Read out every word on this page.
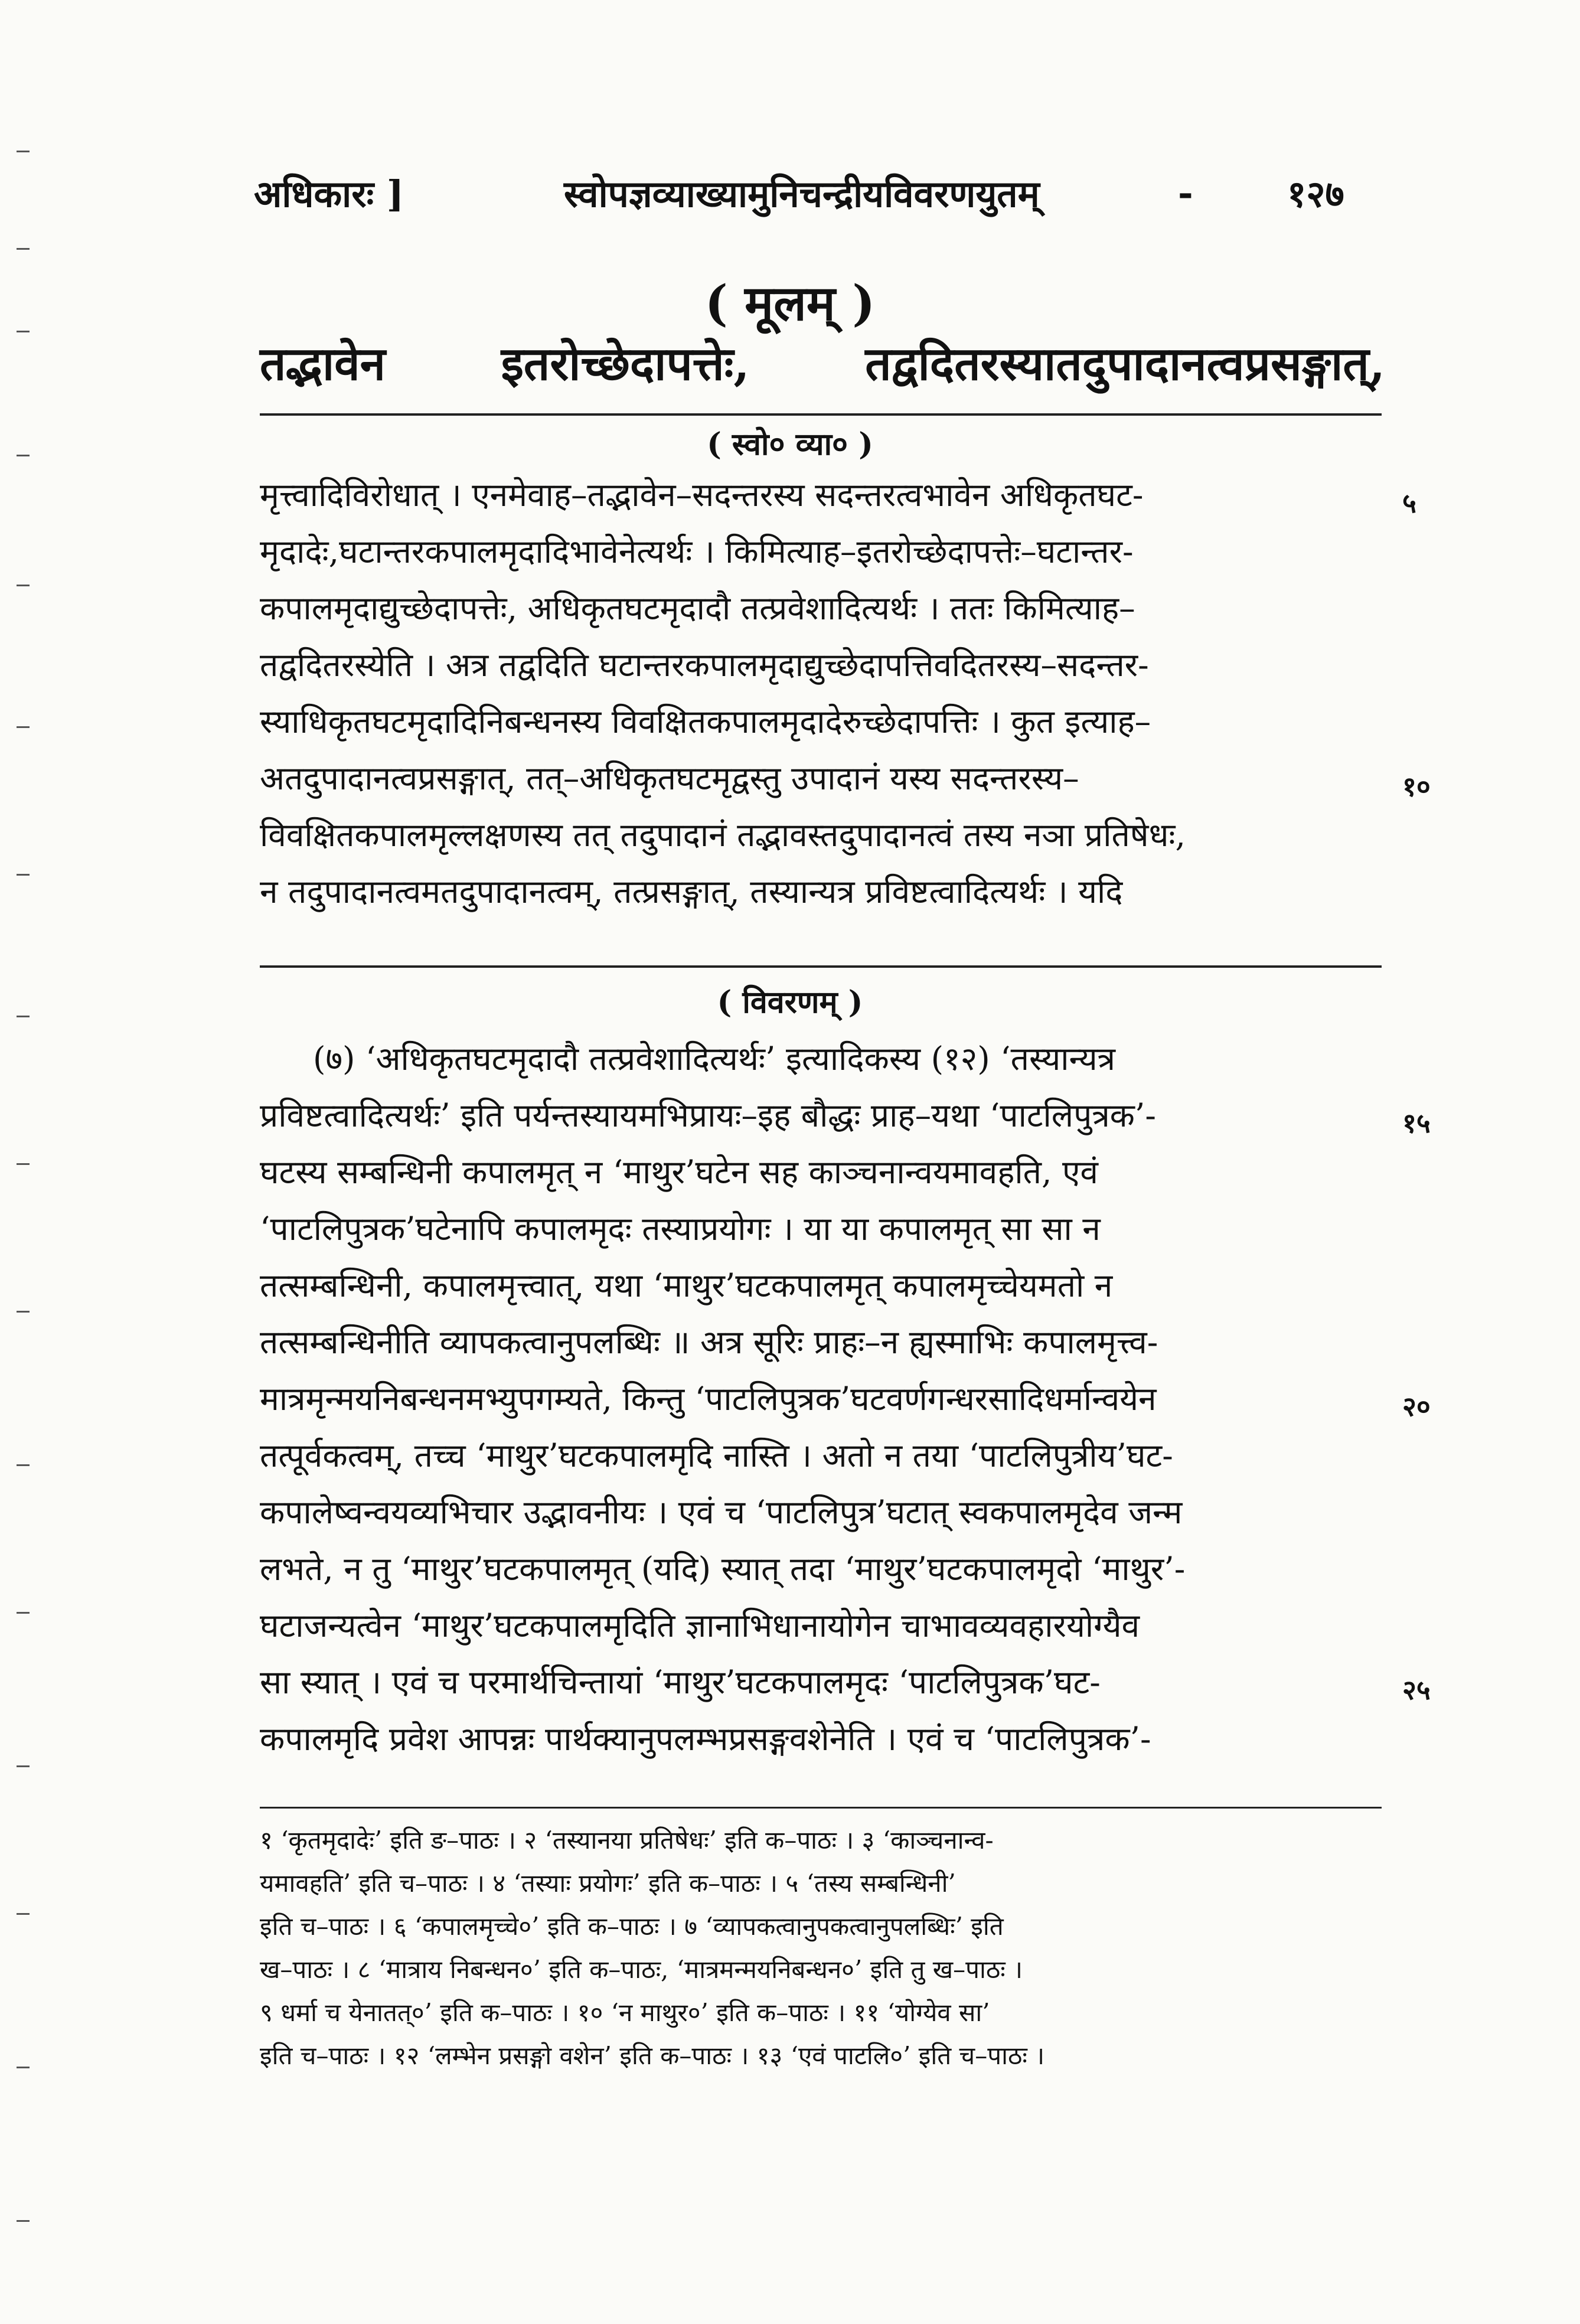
अधिकारः ]	स्वोपज्ञव्याख्यामुनिचन्द्रीयविवरणयुतम्	-	१२७
( मूलम् )
तद्भावेन	इतरोच्छेदापत्तेः,	तद्वदितरस्यातदुपादानत्वप्रसङ्गात्,
( स्वो० व्या० )
मृत्त्वादिविरोधात् । एनमेवाह–तद्भावेन–सदन्तरस्य सदन्तरत्वभावेन अधिकृतघट-
मृदादेः,घटान्तरकपालमृदादिभावेनेत्यर्थः । किमित्याह–इतरोच्छेदापत्तेः–घटान्तर-
कपालमृदाद्युच्छेदापत्तेः, अधिकृतघटमृदादौ तत्प्रवेशादित्यर्थः । ततः किमित्याह–
तद्वदितरस्येति । अत्र तद्वदिति घटान्तरकपालमृदाद्युच्छेदापत्तिवदितरस्य–सदन्तर-
स्याधिकृतघटमृदादिनिबन्धनस्य विवक्षितकपालमृदादेरुच्छेदापत्तिः । कुत इत्याह–
अतदुपादानत्वप्रसङ्गात्, तत्–अधिकृतघटमृद्वस्तु उपादानं यस्य सदन्तरस्य–
विवक्षितकपालमृल्लक्षणस्य तत् तदुपादानं तद्भावस्तदुपादानत्वं तस्य नञा प्रतिषेधः,
न तदुपादानत्वमतदुपादानत्वम्, तत्प्रसङ्गात्, तस्यान्यत्र प्रविष्टत्वादित्यर्थः । यदि
५
१०
( विवरणम् )
(७) ‘अधिकृतघटमृदादौ तत्प्रवेशादित्यर्थः’ इत्यादिकस्य (१२) ‘तस्यान्यत्र
प्रविष्टत्वादित्यर्थः’ इति पर्यन्तस्यायमभिप्रायः–इह बौद्धः प्राह–यथा ‘पाटलिपुत्रक’-
घटस्य सम्बन्धिनी कपालमृत् न ‘माथुर’घटेन सह काञ्चनान्वयमावहति, एवं
‘पाटलिपुत्रक’घटेनापि कपालमृदः तस्याप्रयोगः । या या कपालमृत् सा सा न
तत्सम्बन्धिनी, कपालमृत्त्वात्, यथा ‘माथुर’घटकपालमृत् कपालमृच्चेयमतो न
तत्सम्बन्धिनीति व्यापकत्वानुपलब्धिः ॥ अत्र सूरिः प्राहः–न ह्यस्माभिः कपालमृत्त्व-
मात्रमृन्मयनिबन्धनमभ्युपगम्यते, किन्तु ‘पाटलिपुत्रक’घटवर्णगन्धरसादिधर्मान्वयेन
तत्पूर्वकत्वम्, तच्च ‘माथुर’घटकपालमृदि नास्ति । अतो न तया ‘पाटलिपुत्रीय’घट-
कपालेष्वन्वयव्यभिचार उद्भावनीयः । एवं च ‘पाटलिपुत्र’घटात् स्वकपालमृदेव जन्म
लभते, न तु ‘माथुर’घटकपालमृत् (यदि) स्यात् तदा ‘माथुर’घटकपालमृदो ‘माथुर’-
घटाजन्यत्वेन ‘माथुर’घटकपालमृदिति ज्ञानाभिधानायोगेन चाभावव्यवहारयोग्यैव
सा स्यात् । एवं च परमार्थचिन्तायां ‘माथुर’घटकपालमृदः ‘पाटलिपुत्रक’घट-
कपालमृदि प्रवेश आपन्नः पार्थक्यानुपलम्भप्रसङ्गवशेनेति । एवं च ‘पाटलिपुत्रक’-
१५
२०
२५
१ ‘कृतमृदादेः’ इति ङ–पाठः । २ ‘तस्यानया प्रतिषेधः’ इति क–पाठः । ३ ‘काञ्चनान्व-
यमावहति’ इति च–पाठः । ४ ‘तस्याः प्रयोगः’ इति क–पाठः । ५ ‘तस्य सम्बन्धिनी’
इति च–पाठः । ६ ‘कपालमृच्चे०’ इति क–पाठः । ७ ‘व्यापकत्वानुपकत्वानुपलब्धिः’ इति
ख–पाठः । ८ ‘मात्राय निबन्धन०’ इति क–पाठः, ‘मात्रमन्मयनिबन्धन०’ इति तु ख–पाठः ।
९ धर्मा च येनातत्०’ इति क–पाठः । १० ‘न माथुर०’ इति क–पाठः । ११ ‘योग्येव सा’
इति च–पाठः । १२ ‘लम्भेन प्रसङ्गो वशेन’ इति क–पाठः । १३ ‘एवं पाटलि०’ इति च–पाठः ।
